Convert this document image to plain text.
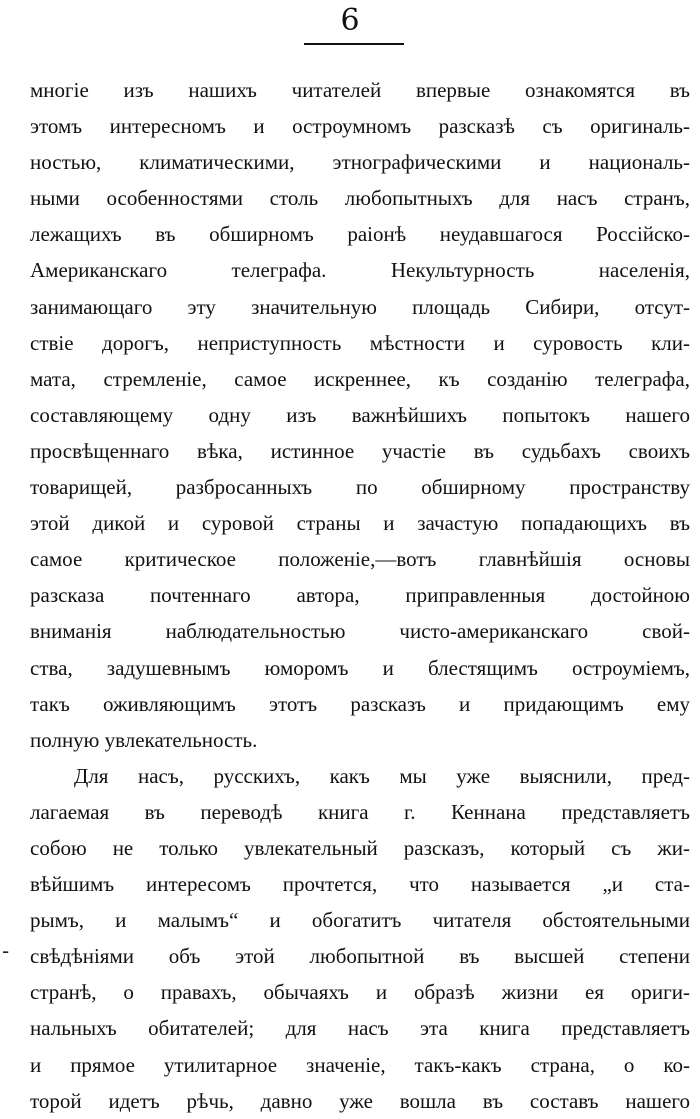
6
-
многіе изъ нашихъ читателей впервые ознакомятся въ
этомъ интересномъ и остроумномъ разсказѣ съ оригиналь-
ностью, климатическими, этнографическими и националь-
ными особенностями столь любопытныхъ для насъ странъ,
лежащихъ въ обширномъ раіонѣ неудавшагося Россійско-
Американскаго телеграфа. Некультурность населенія,
занимающаго эту значительную площадь Сибири, отсут-
ствіе дорогъ, неприступность мѣстности и суровость кли-
мата, стремленіе, самое искреннее, къ созданію телеграфа,
составляющему одну изъ важнѣйшихъ попытокъ нашего
просвѣщеннаго вѣка, истинное участіе въ судьбахъ своихъ
товарищей, разбросанныхъ по обширному пространству
этой дикой и суровой страны и зачастую попадающихъ въ
самое критическое положеніе,—вотъ главнѣйшія основы
разсказа почтеннаго автора, приправленныя достойною
вниманія наблюдательностью чисто-американскаго свой-
ства, задушевнымъ юморомъ и блестящимъ остроуміемъ,
такъ оживляющимъ этотъ разсказъ и придающимъ ему
полную увлекательность.
Для насъ, русскихъ, какъ мы уже выяснили, пред-
лагаемая въ переводѣ книга г. Кеннана представляетъ
собою не только увлекательный разсказъ, который съ жи-
вѣйшимъ интересомъ прочтется, что называется „и ста-
рымъ, и малымъ“ и обогатитъ читателя обстоятельными
свѣдѣніями объ этой любопытной въ высшей степени
странѣ, о правахъ, обычаяхъ и образѣ жизни ея ориги-
нальныхъ обитателей; для насъ эта книга представляетъ
и прямое утилитарное значеніе, такъ-какъ страна, о ко-
торой идетъ рѣчь, давно уже вошла въ составъ нашего
